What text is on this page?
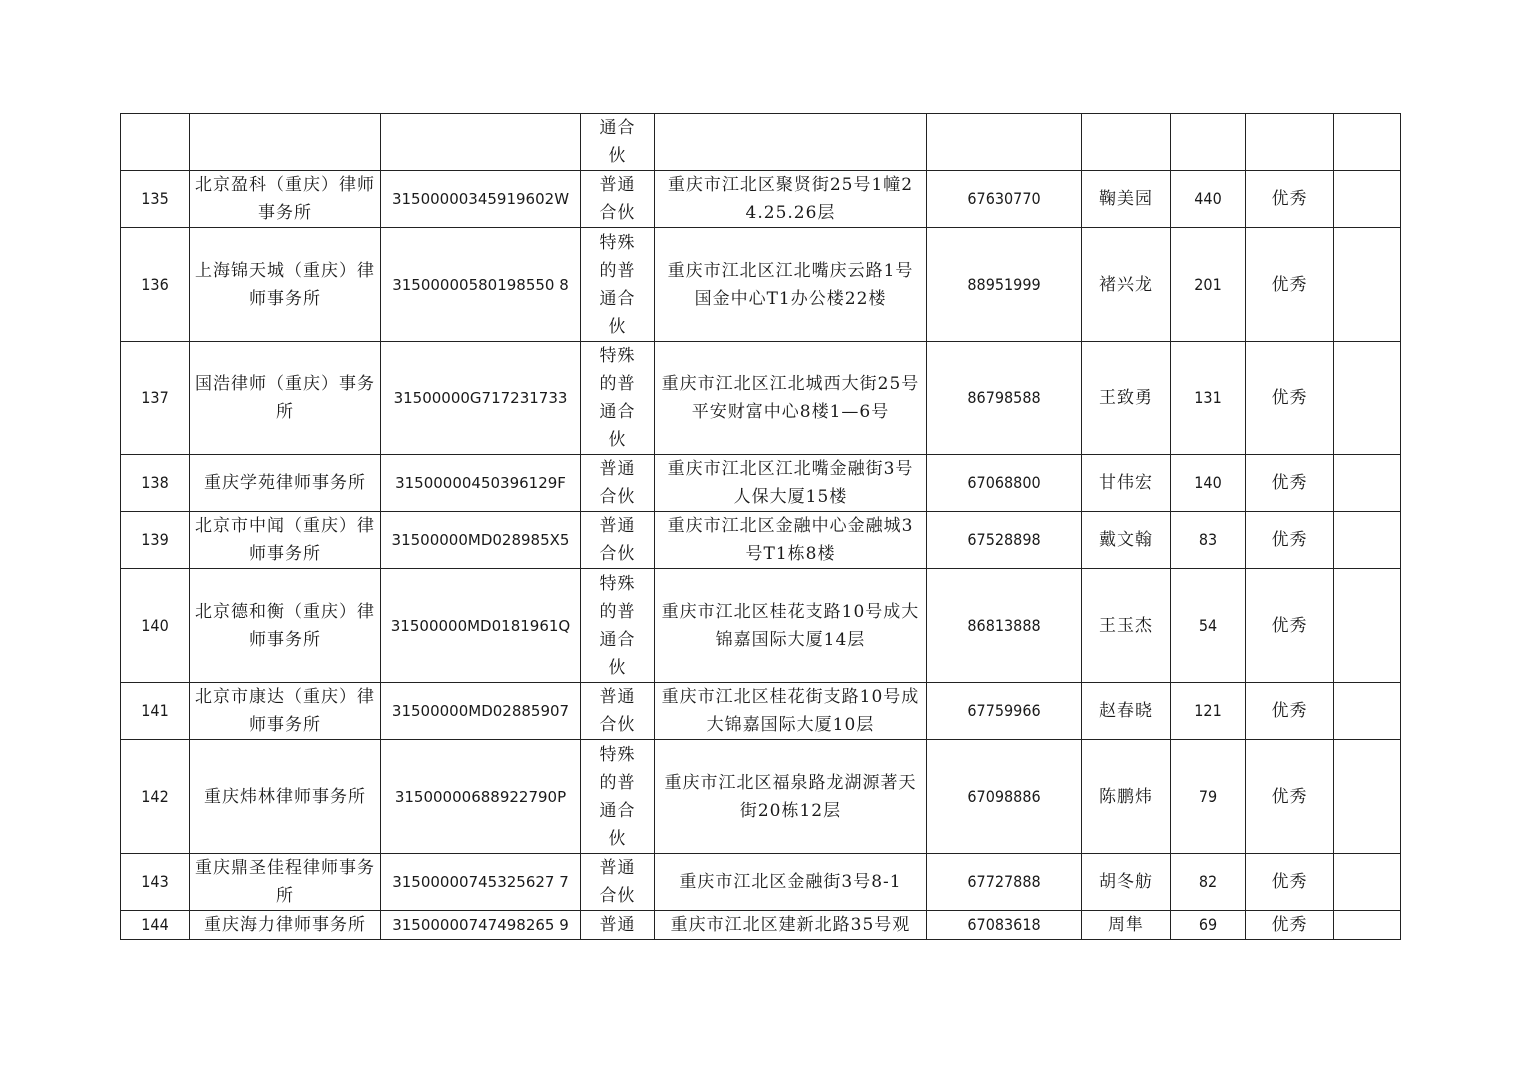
			通合伙						
135	北京盈科（重庆）律师事务所	31500000345919602W	普通合伙	重庆市江北区聚贤街25号1幢24.25.26层	67630770	鞠美园	440	优秀	
136	上海锦天城（重庆）律师事务所	31500000580198550 8	特殊的普通合伙	重庆市江北区江北嘴庆云路1号国金中心T1办公楼22楼	88951999	褚兴龙	201	优秀	
137	国浩律师（重庆）事务所	31500000G717231733	特殊的普通合伙	重庆市江北区江北城西大街25号平安财富中心8楼1—6号	86798588	王致勇	131	优秀	
138	重庆学苑律师事务所	31500000450396129F	普通合伙	重庆市江北区江北嘴金融街3号人保大厦15楼	67068800	甘伟宏	140	优秀	
139	北京市中闻（重庆）律师事务所	31500000MD028985X5	普通合伙	重庆市江北区金融中心金融城3号T1栋8楼	67528898	戴文翰	83	优秀	
140	北京德和衡（重庆）律师事务所	31500000MD0181961Q	特殊的普通合伙	重庆市江北区桂花支路10号成大锦嘉国际大厦14层	86813888	王玉杰	54	优秀	
141	北京市康达（重庆）律师事务所	31500000MD02885907	普通合伙	重庆市江北区桂花街支路10号成大锦嘉国际大厦10层	67759966	赵春晓	121	优秀	
142	重庆炜林律师事务所	31500000688922790P	特殊的普通合伙	重庆市江北区福泉路龙湖源著天街20栋12层	67098886	陈鹏炜	79	优秀	
143	重庆鼎圣佳程律师事务所	31500000745325627 7	普通合伙	重庆市江北区金融街3号8-1	67727888	胡冬舫	82	优秀	
144	重庆海力律师事务所	31500000747498265 9	普通	重庆市江北区建新北路35号观	67083618	周隼	69	优秀	
